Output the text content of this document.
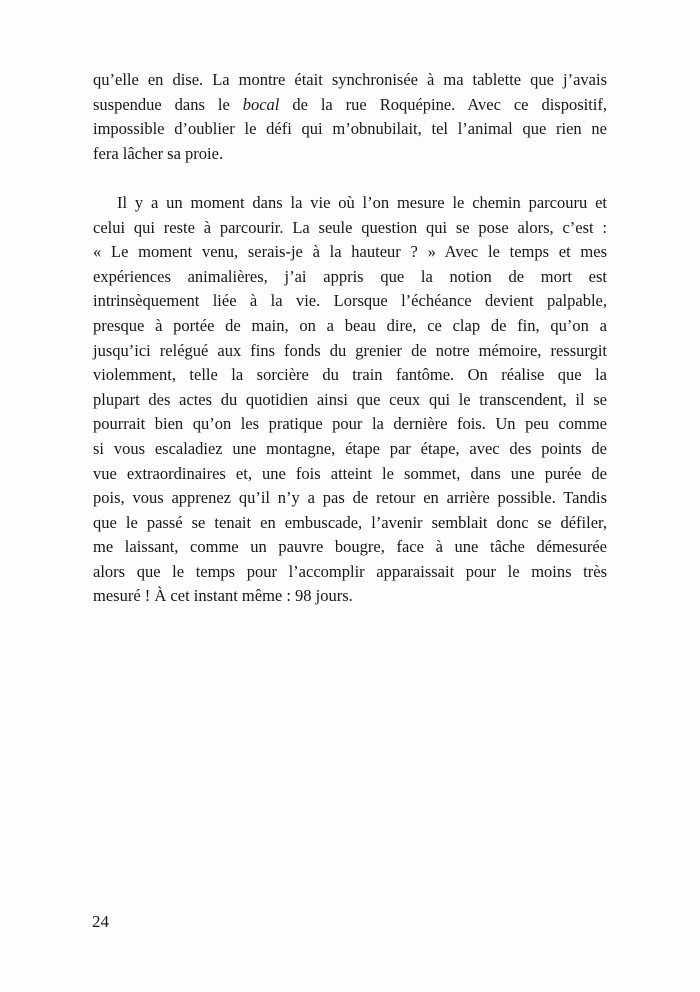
qu’elle en dise. La montre était synchronisée à ma tablette que j’avais
suspendue dans le bocal de la rue Roquépine. Avec ce dispositif,
impossible d’oublier le défi qui m’obnubilait, tel l’animal que rien ne
fera lâcher sa proie.
Il y a un moment dans la vie où l’on mesure le chemin parcouru et
celui qui reste à parcourir. La seule question qui se pose alors, c’est :
« Le moment venu, serais-je à la hauteur ? » Avec le temps et mes
expériences animalières, j’ai appris que la notion de mort est
intrinsèquement liée à la vie. Lorsque l’échéance devient palpable,
presque à portée de main, on a beau dire, ce clap de fin, qu’on a
jusqu’ici relégué aux fins fonds du grenier de notre mémoire, ressurgit
violemment, telle la sorcière du train fantôme. On réalise que la
plupart des actes du quotidien ainsi que ceux qui le transcendent, il se
pourrait bien qu’on les pratique pour la dernière fois. Un peu comme
si vous escaladiez une montagne, étape par étape, avec des points de
vue extraordinaires et, une fois atteint le sommet, dans une purée de
pois, vous apprenez qu’il n’y a pas de retour en arrière possible. Tandis
que le passé se tenait en embuscade, l’avenir semblait donc se défiler,
me laissant, comme un pauvre bougre, face à une tâche démesurée
alors que le temps pour l’accomplir apparaissait pour le moins très
mesuré ! À cet instant même : 98 jours.
24
